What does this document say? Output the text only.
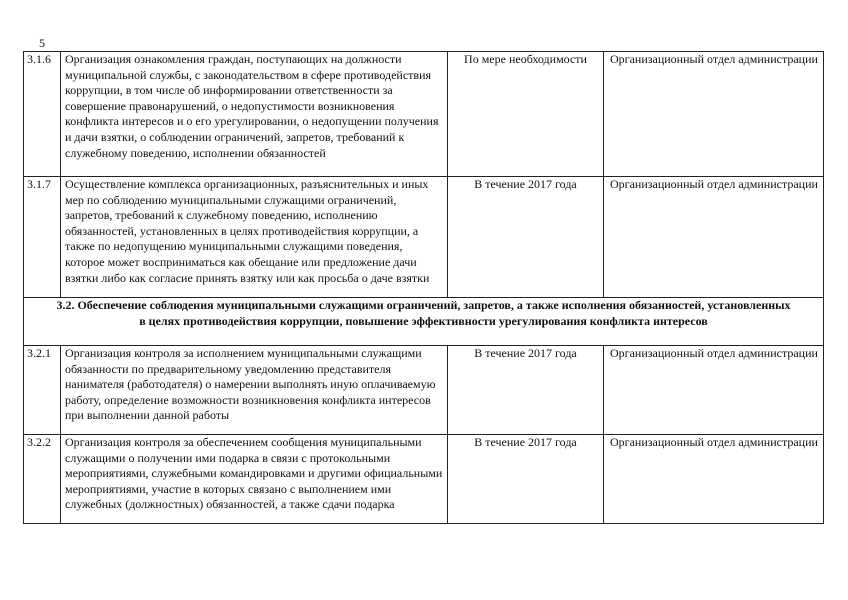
5
3.1.6	Организация ознакомления граждан, поступающих на должности муниципальной службы, с законодательством в сфере противодействия коррупции, в том числе об информировании ответственности за совершение правонарушений, о недопустимости возникновения конфликта интересов и о его урегулировании, о недопущении получения и дачи взятки, о соблюдении ограничений, запретов, требований к служебному поведению, исполнении обязанностей	По мере необходимости	Организационный отдел администрации
3.1.7	Осуществление комплекса организационных, разъяснительных и иных мер по соблюдению муниципальными служащими ограничений, запретов, требований к служебному поведению, исполнению обязанностей, установленных в целях противодействия коррупции, а также по недопущению муниципальными служащими поведения, которое может восприниматься как обещание или предложение дачи взятки либо как согласие принять взятку или как просьба о даче взятки	В течение 2017 года	Организационный отдел администрации
3.2. Обеспечение соблюдения муниципальными служащими ограничений, запретов, а также исполнения обязанностей, установленных в целях противодействия коррупции, повышение эффективности урегулирования конфликта интересов			
3.2.1	Организация контроля за исполнением муниципальными служащими обязанности по предварительному уведомлению представителя нанимателя (работодателя) о намерении выполнять иную оплачиваемую работу, определение возможности возникновения конфликта интересов при выполнении данной работы	В течение 2017 года	Организационный отдел администрации
3.2.2	Организация контроля за обеспечением сообщения муниципальными служащими о получении ими подарка в связи с протокольными мероприятиями, служебными командировками и другими официальными мероприятиями, участие в которых связано с выполнением ими служебных (должностных) обязанностей, а также сдачи подарка	В течение 2017 года	Организационный отдел администрации
